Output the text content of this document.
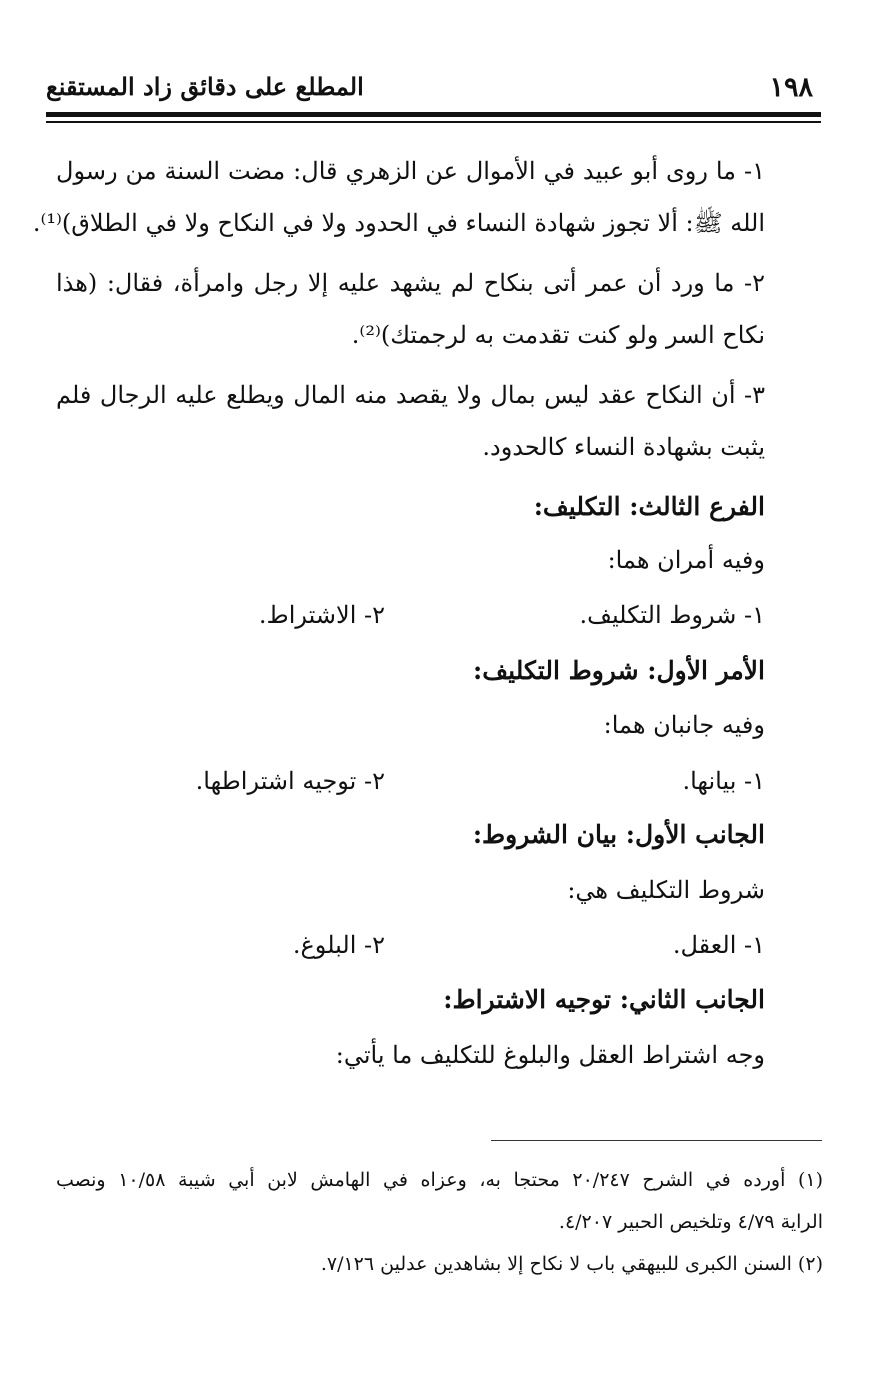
١٩٨
المطلع على دقائق زاد المستقنع
١- ما روى أبو عبيد في الأموال عن الزهري قال: مضت السنة من رسول
الله ﷺ: ألا تجوز شهادة النساء في الحدود ولا في النكاح ولا في الطلاق)⁽¹⁾.
٢- ما ورد أن عمر أتى بنكاح لم يشهد عليه إلا رجل وامرأة، فقال: (هذا
نكاح السر ولو كنت تقدمت به لرجمتك)⁽²⁾.
٣- أن النكاح عقد ليس بمال ولا يقصد منه المال ويطلع عليه الرجال فلم
يثبت بشهادة النساء كالحدود.
الفرع الثالث: التكليف:
وفيه أمران هما:
١- شروط التكليف.
٢- الاشتراط.
الأمر الأول: شروط التكليف:
وفيه جانبان هما:
١- بيانها.
٢- توجيه اشتراطها.
الجانب الأول: بيان الشروط:
شروط التكليف هي:
١- العقل.
٢- البلوغ.
الجانب الثاني: توجيه الاشتراط:
وجه اشتراط العقل والبلوغ للتكليف ما يأتي:
(١) أورده في الشرح ٢٠/٢٤٧ محتجا به، وعزاه في الهامش لابن أبي شيبة ١٠/٥٨ ونصب
الراية ٤/٧٩ وتلخيص الحبير ٤/٢٠٧.
(٢) السنن الكبرى للبيهقي باب لا نكاح إلا بشاهدين عدلين ٧/١٢٦.
